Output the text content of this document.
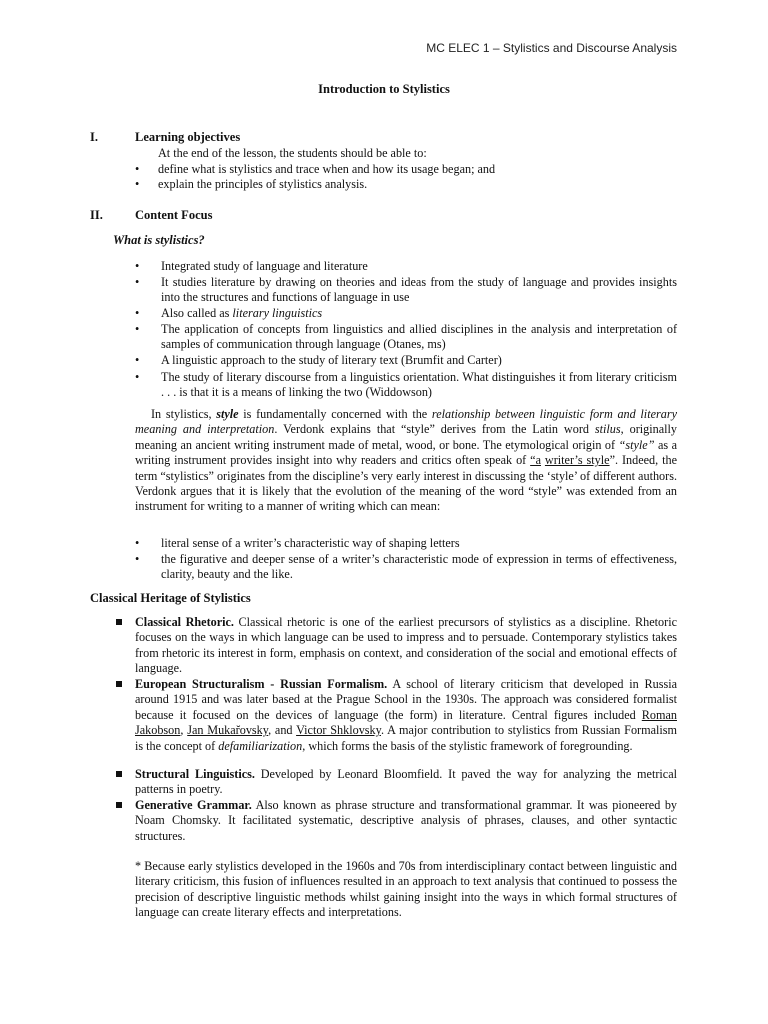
MC ELEC 1 – Stylistics and Discourse Analysis
Introduction to Stylistics
I.	Learning objectives
At the end of the lesson, the students should be able to:
• define what is stylistics and trace when and how its usage began; and
• explain the principles of stylistics analysis.
II.	Content Focus
What is stylistics?
• Integrated study of language and literature
• It studies literature by drawing on theories and ideas from the study of language and provides insights into the structures and functions of language in use
• Also called as literary linguistics
• The application of concepts from linguistics and allied disciplines in the analysis and interpretation of samples of communication through language (Otanes, ms)
• A linguistic approach to the study of literary text (Brumfit and Carter)
• The study of literary discourse from a linguistics orientation. What distinguishes it from literary criticism . . . is that it is a means of linking the two (Widdowson)
In stylistics, style is fundamentally concerned with the relationship between linguistic form and literary meaning and interpretation. Verdonk explains that “style” derives from the Latin word stilus, originally meaning an ancient writing instrument made of metal, wood, or bone. The etymological origin of “style” as a writing instrument provides insight into why readers and critics often speak of “a writer’s style”. Indeed, the term “stylistics” originates from the discipline’s very early interest in discussing the ‘style’ of different authors. Verdonk argues that it is likely that the evolution of the meaning of the word “style” was extended from an instrument for writing to a manner of writing which can mean:
• literal sense of a writer’s characteristic way of shaping letters
• the figurative and deeper sense of a writer’s characteristic mode of expression in terms of effectiveness, clarity, beauty and the like.
Classical Heritage of Stylistics
Classical Rhetoric. Classical rhetoric is one of the earliest precursors of stylistics as a discipline. Rhetoric focuses on the ways in which language can be used to impress and to persuade. Contemporary stylistics takes from rhetoric its interest in form, emphasis on context, and consideration of the social and emotional effects of language.
European Structuralism - Russian Formalism. A school of literary criticism that developed in Russia around 1915 and was later based at the Prague School in the 1930s. The approach was considered formalist because it focused on the devices of language (the form) in literature. Central figures included Roman Jakobson, Jan Mukar̆ovsky, and Victor Shklovsky. A major contribution to stylistics from Russian Formalism is the concept of defamiliarization, which forms the basis of the stylistic framework of foregrounding.
Structural Linguistics. Developed by Leonard Bloomfield. It paved the way for analyzing the metrical patterns in poetry.
Generative Grammar. Also known as phrase structure and transformational grammar. It was pioneered by Noam Chomsky. It facilitated systematic, descriptive analysis of phrases, clauses, and other syntactic structures.
* Because early stylistics developed in the 1960s and 70s from interdisciplinary contact between linguistic and literary criticism, this fusion of influences resulted in an approach to text analysis that continued to possess the precision of descriptive linguistic methods whilst gaining insight into the ways in which formal structures of language can create literary effects and interpretations.
